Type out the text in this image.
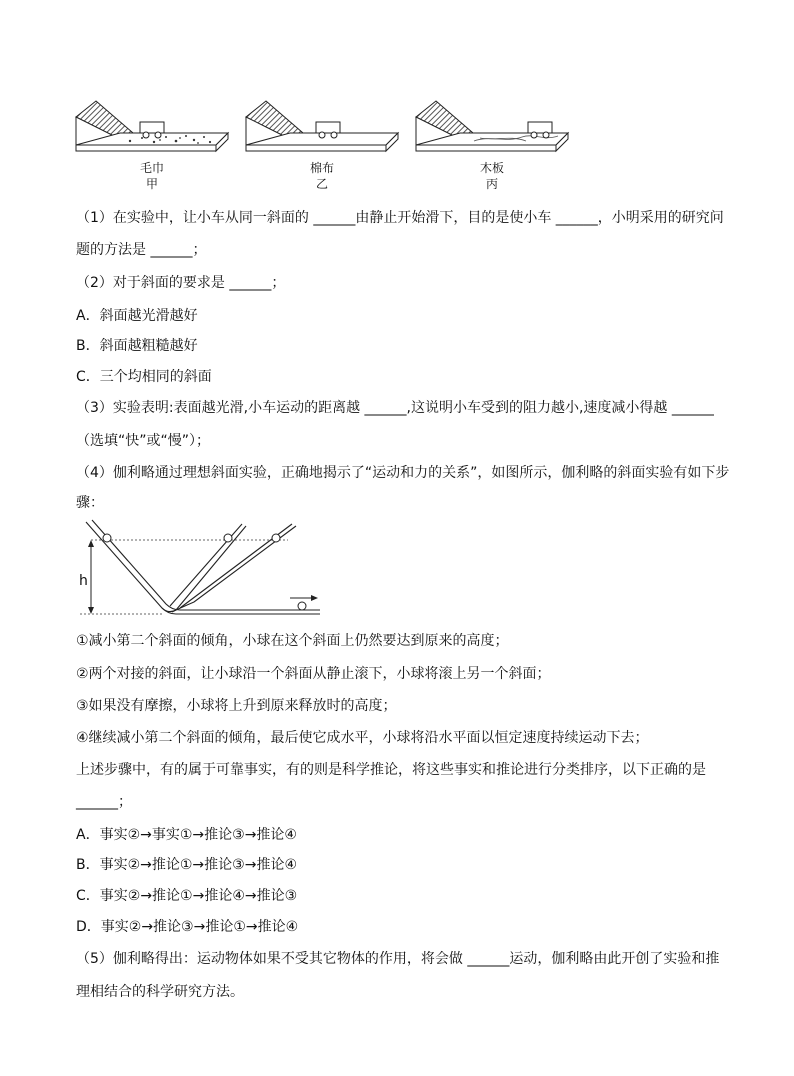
毛巾
甲
棉布
乙
木板
丙
（1）在实验中，让小车从同一斜面的 ______由静止开始滑下，目的是使小车 ______，小明采用的研究问
题的方法是 ______；
（2）对于斜面的要求是 ______；
A．斜面越光滑越好
B．斜面越粗糙越好
C．三个均相同的斜面
（3）实验表明:表面越光滑,小车运动的距离越 ______,这说明小车受到的阻力越小,速度减小得越 ______
（选填“快”或“慢”）；
（4）伽利略通过理想斜面实验，正确地揭示了“运动和力的关系”，如图所示，伽利略的斜面实验有如下步
骤：
h
①减小第二个斜面的倾角，小球在这个斜面上仍然要达到原来的高度；
②两个对接的斜面，让小球沿一个斜面从静止滚下，小球将滚上另一个斜面；
③如果没有摩擦，小球将上升到原来释放时的高度；
④继续减小第二个斜面的倾角，最后使它成水平，小球将沿水平面以恒定速度持续运动下去；
上述步骤中，有的属于可靠事实，有的则是科学推论，将这些事实和推论进行分类排序，以下正确的是
______；
A．事实②→事实①→推论③→推论④
B．事实②→推论①→推论③→推论④
C．事实②→推论①→推论④→推论③
D．事实②→推论③→推论①→推论④
（5）伽利略得出：运动物体如果不受其它物体的作用，将会做 ______运动，伽利略由此开创了实验和推
理相结合的科学研究方法。
